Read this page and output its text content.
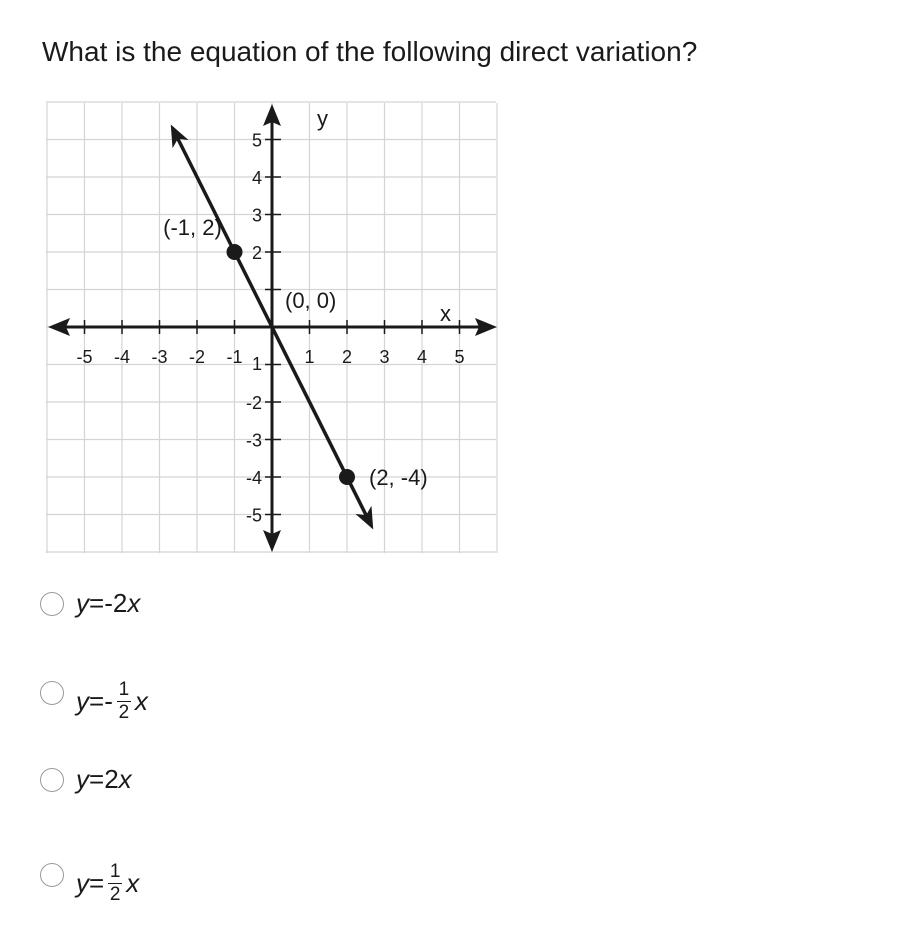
What is the equation of the following direct variation?
y
x
-5 -4 -3 -2 -1	1 2 3 4 5
5
4
3
2
1
-2
-3
-4
-5
(-1, 2)
(0, 0)
(2, -4)
y = - 2 x
y = - $\frac{1}{2}$ x
y = 2 x
$y = \frac{1}{2}$ x
